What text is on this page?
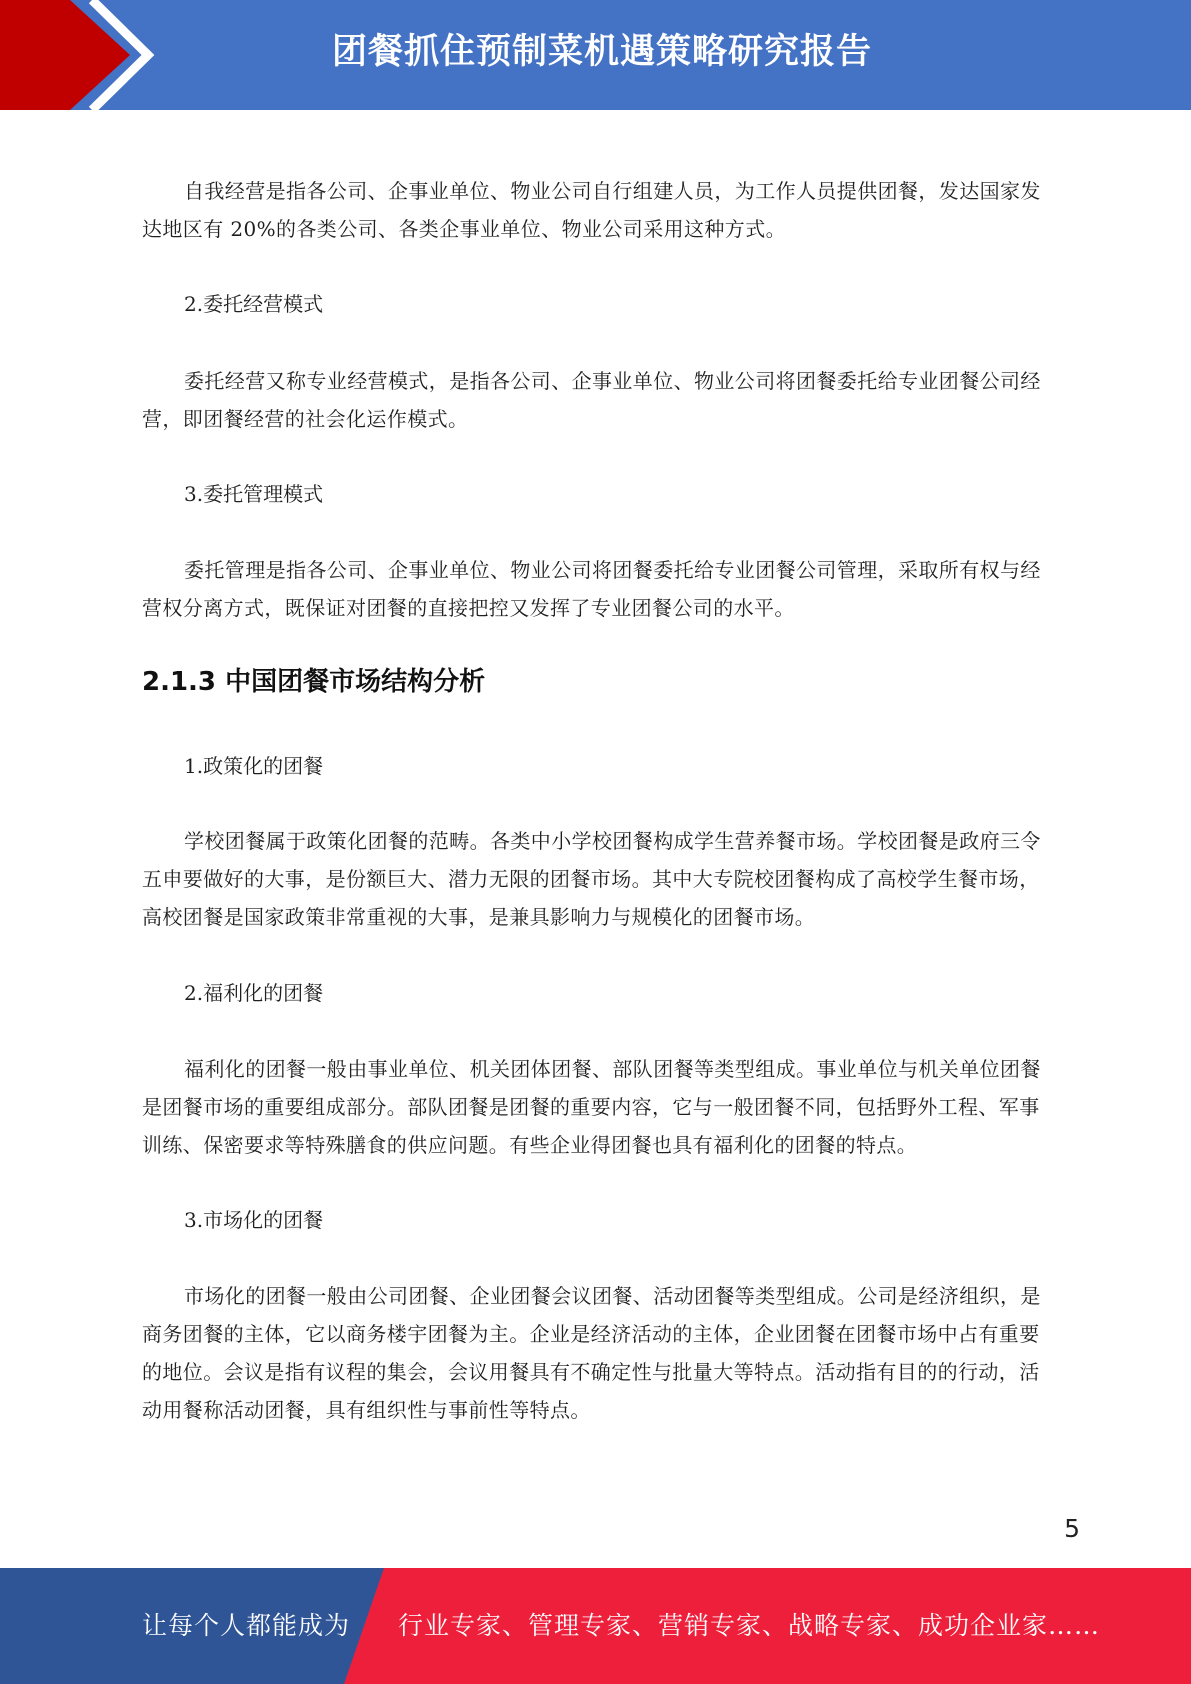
团餐抓住预制菜机遇策略研究报告

自我经营是指各公司、企事业单位、物业公司自行组建人员，为工作人员提供团餐，发达国家发达地区有 20%的各类公司、各类企事业单位、物业公司采用这种方式。

2.委托经营模式

委托经营又称专业经营模式，是指各公司、企事业单位、物业公司将团餐委托给专业团餐公司经营，即团餐经营的社会化运作模式。

3.委托管理模式

委托管理是指各公司、企事业单位、物业公司将团餐委托给专业团餐公司管理，采取所有权与经营权分离方式，既保证对团餐的直接把控又发挥了专业团餐公司的水平。

2.1.3 中国团餐市场结构分析

1.政策化的团餐

学校团餐属于政策化团餐的范畴。各类中小学校团餐构成学生营养餐市场。学校团餐是政府三令五申要做好的大事，是份额巨大、潜力无限的团餐市场。其中大专院校团餐构成了高校学生餐市场，高校团餐是国家政策非常重视的大事，是兼具影响力与规模化的团餐市场。

2.福利化的团餐

福利化的团餐一般由事业单位、机关团体团餐、部队团餐等类型组成。事业单位与机关单位团餐是团餐市场的重要组成部分。部队团餐是团餐的重要内容，它与一般团餐不同，包括野外工程、军事训练、保密要求等特殊膳食的供应问题。有些企业得团餐也具有福利化的团餐的特点。

3.市场化的团餐

市场化的团餐一般由公司团餐、企业团餐会议团餐、活动团餐等类型组成。公司是经济组织，是商务团餐的主体，它以商务楼宇团餐为主。企业是经济活动的主体，企业团餐在团餐市场中占有重要的地位。会议是指有议程的集会，会议用餐具有不确定性与批量大等特点。活动指有目的的行动，活动用餐称活动团餐，具有组织性与事前性等特点。

5
让每个人都能成为 行业专家、管理专家、营销专家、战略专家、成功企业家……
